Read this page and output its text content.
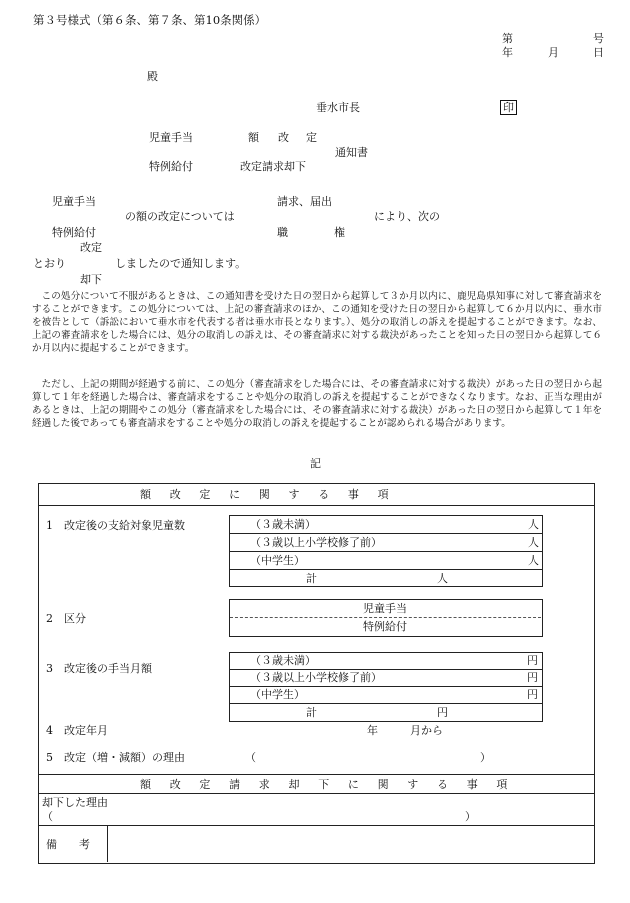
第３号様式（第６条、第７条、第10条関係）
第	号
年	月	日
殿
垂水市長	印
児童手当	額 改 定
通知書
特例給付	改定請求却下
児童手当	請求、届出
の額の改定については	により、次の
特例給付	職	権
改定
とおり	しましたので通知します。
却下
この処分について不服があるときは、この通知書を受けた日の翌日から起算して３か月以内に、鹿児島県知事に対して審査請求をすることができます。この処分については、上記の審査請求のほか、この通知を受けた日の翌日から起算して６か月以内に、垂水市を被告として（訴訟において垂水市を代表する者は垂水市長となります。）、処分の取消しの訴えを提起することができます。なお、上記の審査請求をした場合には、処分の取消しの訴えは、その審査請求に対する裁決があったことを知った日の翌日から起算して６か月以内に提起することができます。
ただし、上記の期間が経過する前に、この処分（審査請求をした場合には、その審査請求に対する裁決）があった日の翌日から起算して１年を経過した場合は、審査請求をすることや処分の取消しの訴えを提起することができなくなります。なお、正当な理由があるときは、上記の期間やこの処分（審査請求をした場合には、その審査請求に対する裁決）があった日の翌日から起算して１年を経過した後であっても審査請求をすることや処分の取消しの訴えを提起することが認められる場合があります。
記
額　改　定　に　関　す　る　事　項
1　改定後の支給対象児童数	（３歳未満）	人
（３歳以上小学校修了前）	人
（中学生）	人
計	人
2　区分
児童手当
特例給付
3　改定後の手当月額
（３歳未満）	円
（３歳以上小学校修了前）	円
（中学生）	円
計	円
4　改定年月	年	月から
5　改定（増・減額）の理由	（	）
額　改　定　請　求　却　下　に　関　す　る　事　項
却下した理由
（	）
備　　考
